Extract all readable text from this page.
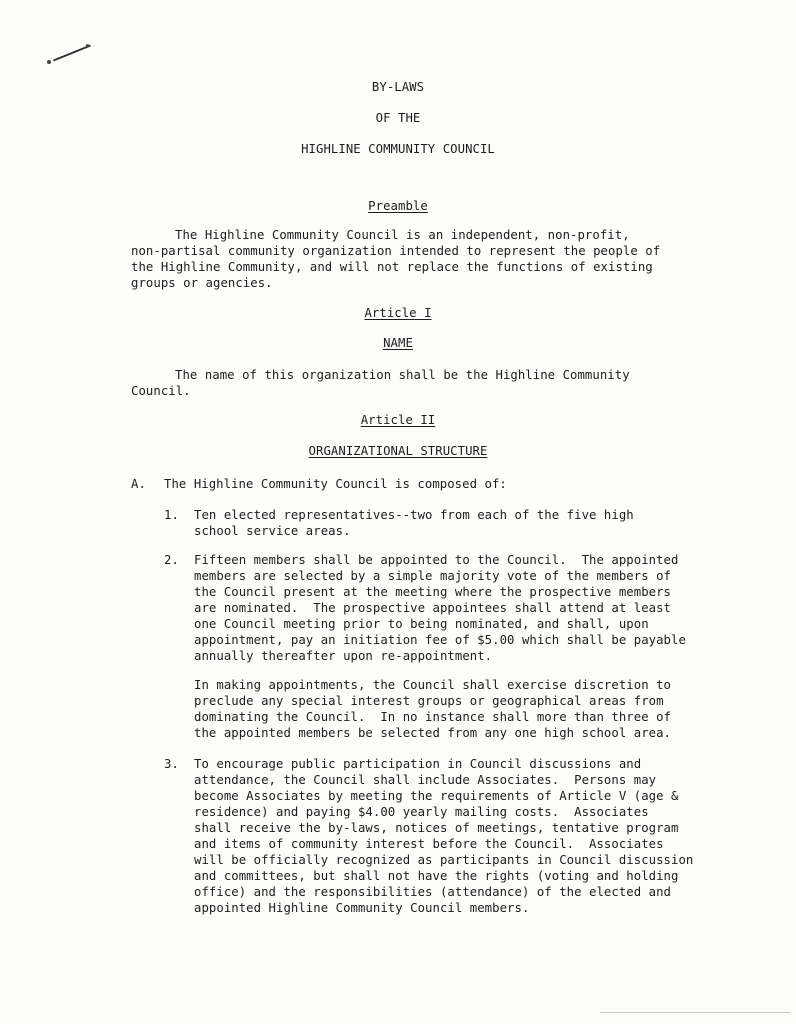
BY-LAWS
OF THE
HIGHLINE COMMUNITY COUNCIL
Preamble
The Highline Community Council is an independent, non-profit,
non-partisal community organization intended to represent the people of
the Highline Community, and will not replace the functions of existing
groups or agencies.
Article I
NAME
The name of this organization shall be the Highline Community
Council.
Article II
ORGANIZATIONAL STRUCTURE
A. The Highline Community Council is composed of:
1. Ten elected representatives--two from each of the five high
school service areas.
2. Fifteen members shall be appointed to the Council.  The appointed
members are selected by a simple majority vote of the members of
the Council present at the meeting where the prospective members
are nominated.  The prospective appointees shall attend at least
one Council meeting prior to being nominated, and shall, upon
appointment, pay an initiation fee of $5.00 which shall be payable
annually thereafter upon re-appointment.
In making appointments, the Council shall exercise discretion to
preclude any special interest groups or geographical areas from
dominating the Council.  In no instance shall more than three of
the appointed members be selected from any one high school area.
3. To encourage public participation in Council discussions and
attendance, the Council shall include Associates.  Persons may
become Associates by meeting the requirements of Article V (age &
residence) and paying $4.00 yearly mailing costs.  Associates
shall receive the by-laws, notices of meetings, tentative program
and items of community interest before the Council.  Associates
will be officially recognized as participants in Council discussion
and committees, but shall not have the rights (voting and holding
office) and the responsibilities (attendance) of the elected and
appointed Highline Community Council members.
